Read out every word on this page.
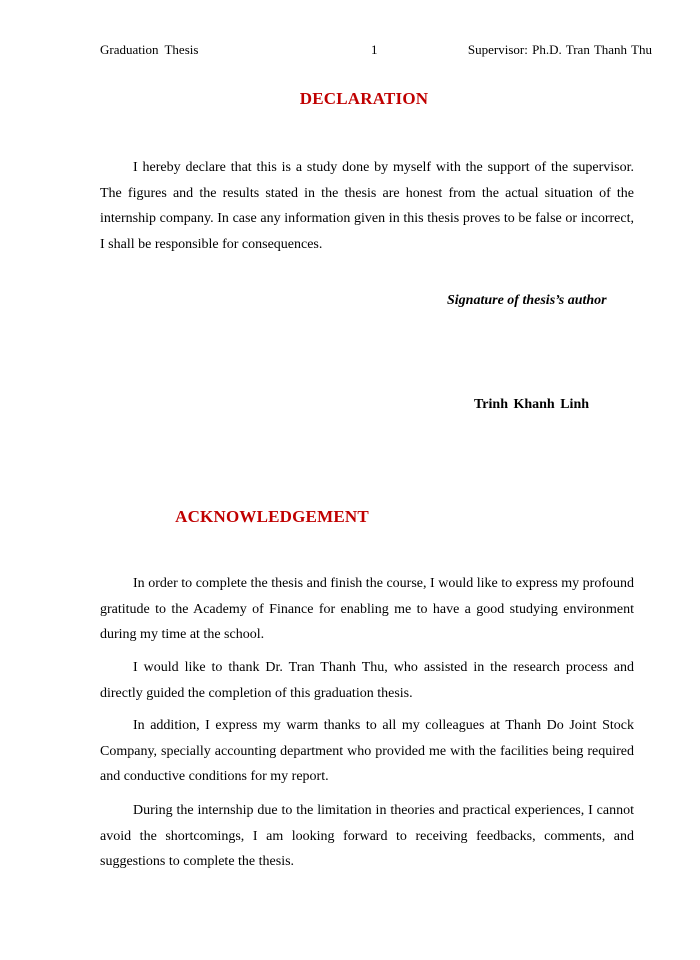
Graduation Thesis	1	Supervisor: Ph.D. Tran Thanh Thu
DECLARATION

I hereby declare that this is a study done by myself with the support of the supervisor. The figures and the results stated in the thesis are honest from the actual situation of the internship company. In case any information given in this thesis proves to be false or incorrect, I shall be responsible for consequences.

Signature of thesis’s author
Trinh Khanh Linh
ACKNOWLEDGEMENT

In order to complete the thesis and finish the course, I would like to express my profound gratitude to the Academy of Finance for enabling me to have a good studying environment during my time at the school.

I would like to thank Dr. Tran Thanh Thu, who assisted in the research process and directly guided the completion of this graduation thesis.

In addition, I express my warm thanks to all my colleagues at Thanh Do Joint Stock Company, specially accounting department who provided me with the facilities being required and conductive conditions for my report.

During the internship due to the limitation in theories and practical experiences, I cannot avoid the shortcomings, I am looking forward to receiving feedbacks, comments, and suggestions to complete the thesis.
